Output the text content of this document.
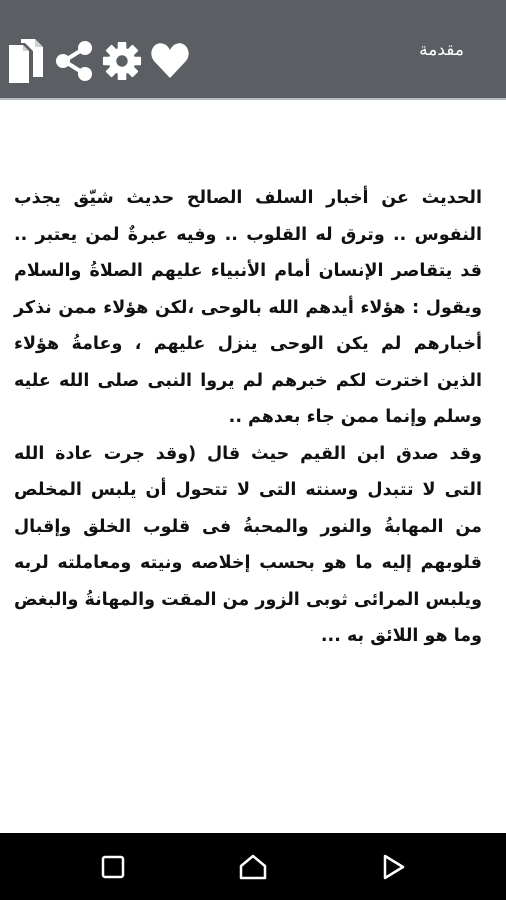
مقدمة

الحديث عن أخبار السلف الصالح حديث شيّق يجذب النفوس .. وترق له القلوب .. وفيه عبرةٌ لمن يعتبر .. قد يتقاصر الإنسان أمام الأنبياء عليهم الصلاةُ والسلام ويقول : هؤلاء أيدهم الله بالوحى ،لكن هؤلاء ممن نذكر أخبارهم لم يكن الوحى ينزل عليهم ، وعامةُ هؤلاء الذين اخترت لكم خبرهم لم يروا النبى صلى الله عليه وسلم وإنما ممن جاء بعدهم ..

وقد صدق ابن القيم حيث قال (وقد جرت عادة الله التى لا تتبدل وسنته التى لا تتحول أن يلبس المخلص من المهابةُ والنور والمحبةُ فى قلوب الخلق وإقبال قلوبهم إليه ما هو بحسب إخلاصه ونيته ومعاملته لربه ويلبس المرائى ثوبى الزور من المقت والمهانةُ والبغض وما هو اللائق به ...
